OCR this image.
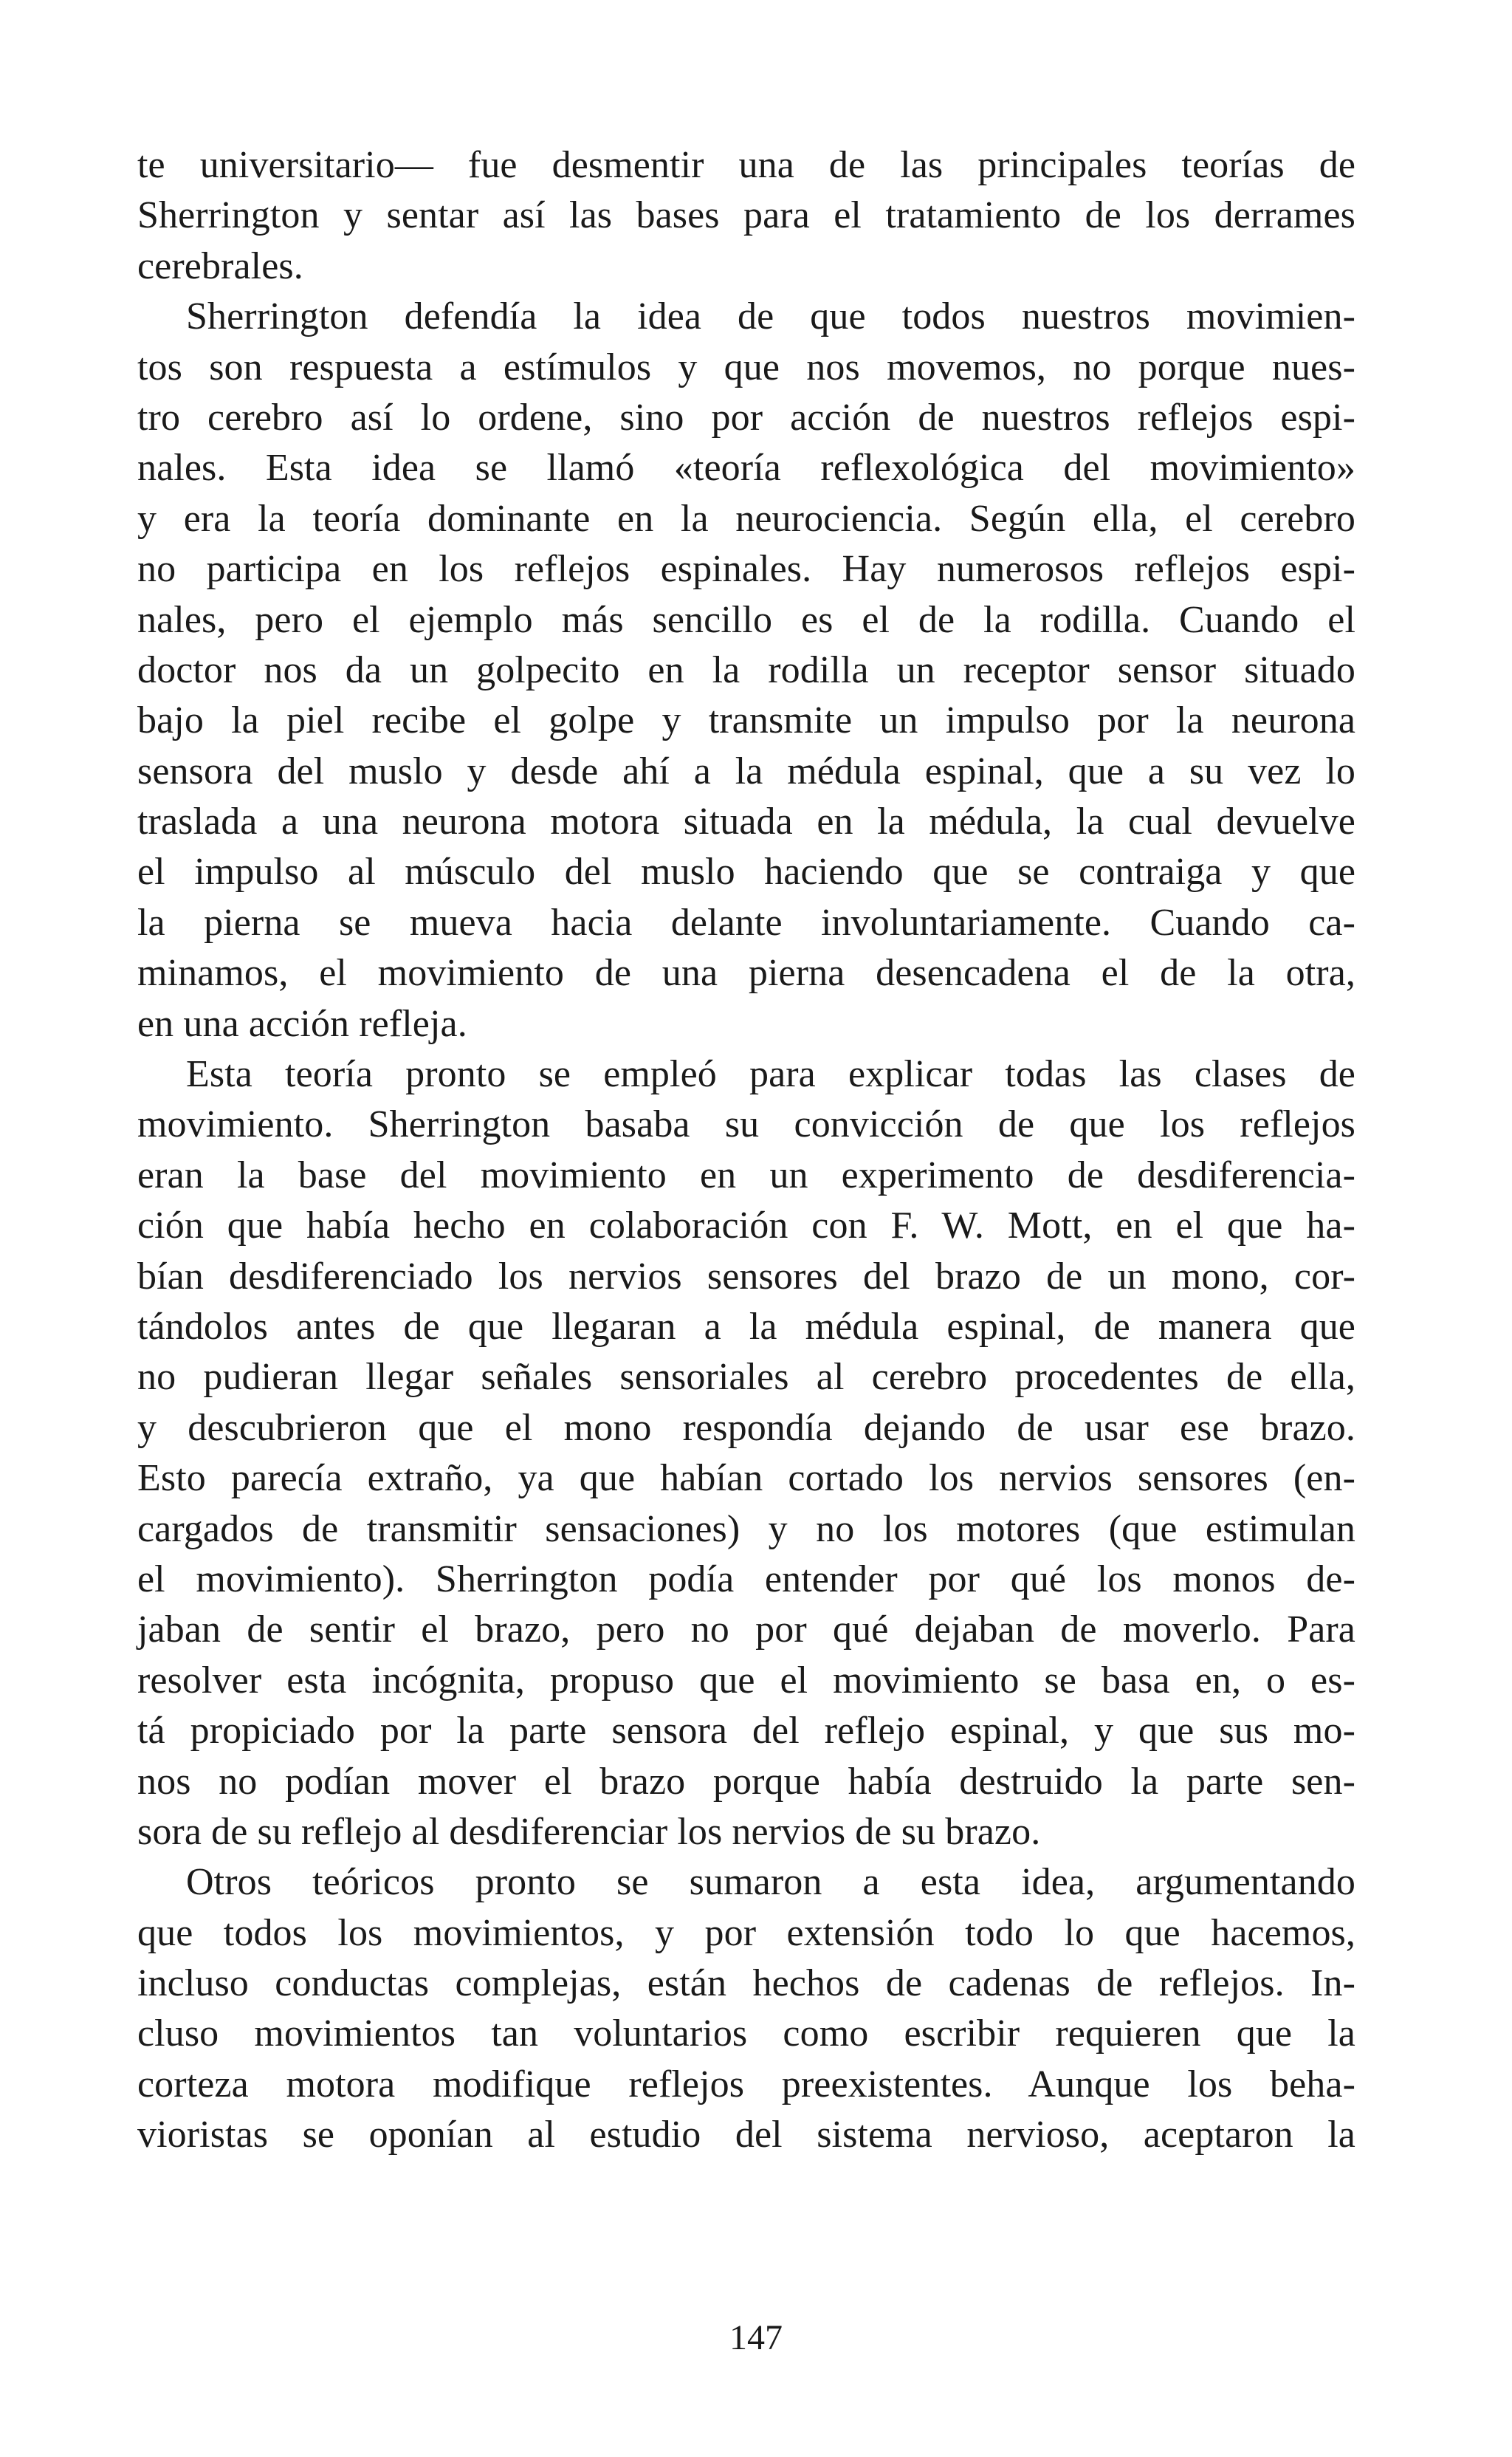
te universitario— fue desmentir una de las principales teorías de
Sherrington y sentar así las bases para el tratamiento de los derrames
cerebrales.
Sherrington defendía la idea de que todos nuestros movimien-
tos son respuesta a estímulos y que nos movemos, no porque nues-
tro cerebro así lo ordene, sino por acción de nuestros reflejos espi-
nales. Esta idea se llamó «teoría reflexológica del movimiento»
y era la teoría dominante en la neurociencia. Según ella, el cerebro
no participa en los reflejos espinales. Hay numerosos reflejos espi-
nales, pero el ejemplo más sencillo es el de la rodilla. Cuando el
doctor nos da un golpecito en la rodilla un receptor sensor situado
bajo la piel recibe el golpe y transmite un impulso por la neurona
sensora del muslo y desde ahí a la médula espinal, que a su vez lo
traslada a una neurona motora situada en la médula, la cual devuelve
el impulso al músculo del muslo haciendo que se contraiga y que
la pierna se mueva hacia delante involuntariamente. Cuando ca-
minamos, el movimiento de una pierna desencadena el de la otra,
en una acción refleja.
Esta teoría pronto se empleó para explicar todas las clases de
movimiento. Sherrington basaba su convicción de que los reflejos
eran la base del movimiento en un experimento de desdiferencia-
ción que había hecho en colaboración con F. W. Mott, en el que ha-
bían desdiferenciado los nervios sensores del brazo de un mono, cor-
tándolos antes de que llegaran a la médula espinal, de manera que
no pudieran llegar señales sensoriales al cerebro procedentes de ella,
y descubrieron que el mono respondía dejando de usar ese brazo.
Esto parecía extraño, ya que habían cortado los nervios sensores (en-
cargados de transmitir sensaciones) y no los motores (que estimulan
el movimiento). Sherrington podía entender por qué los monos de-
jaban de sentir el brazo, pero no por qué dejaban de moverlo. Para
resolver esta incógnita, propuso que el movimiento se basa en, o es-
tá propiciado por la parte sensora del reflejo espinal, y que sus mo-
nos no podían mover el brazo porque había destruido la parte sen-
sora de su reflejo al desdiferenciar los nervios de su brazo.
Otros teóricos pronto se sumaron a esta idea, argumentando
que todos los movimientos, y por extensión todo lo que hacemos,
incluso conductas complejas, están hechos de cadenas de reflejos. In-
cluso movimientos tan voluntarios como escribir requieren que la
corteza motora modifique reflejos preexistentes. Aunque los beha-
vioristas se oponían al estudio del sistema nervioso, aceptaron la
147
